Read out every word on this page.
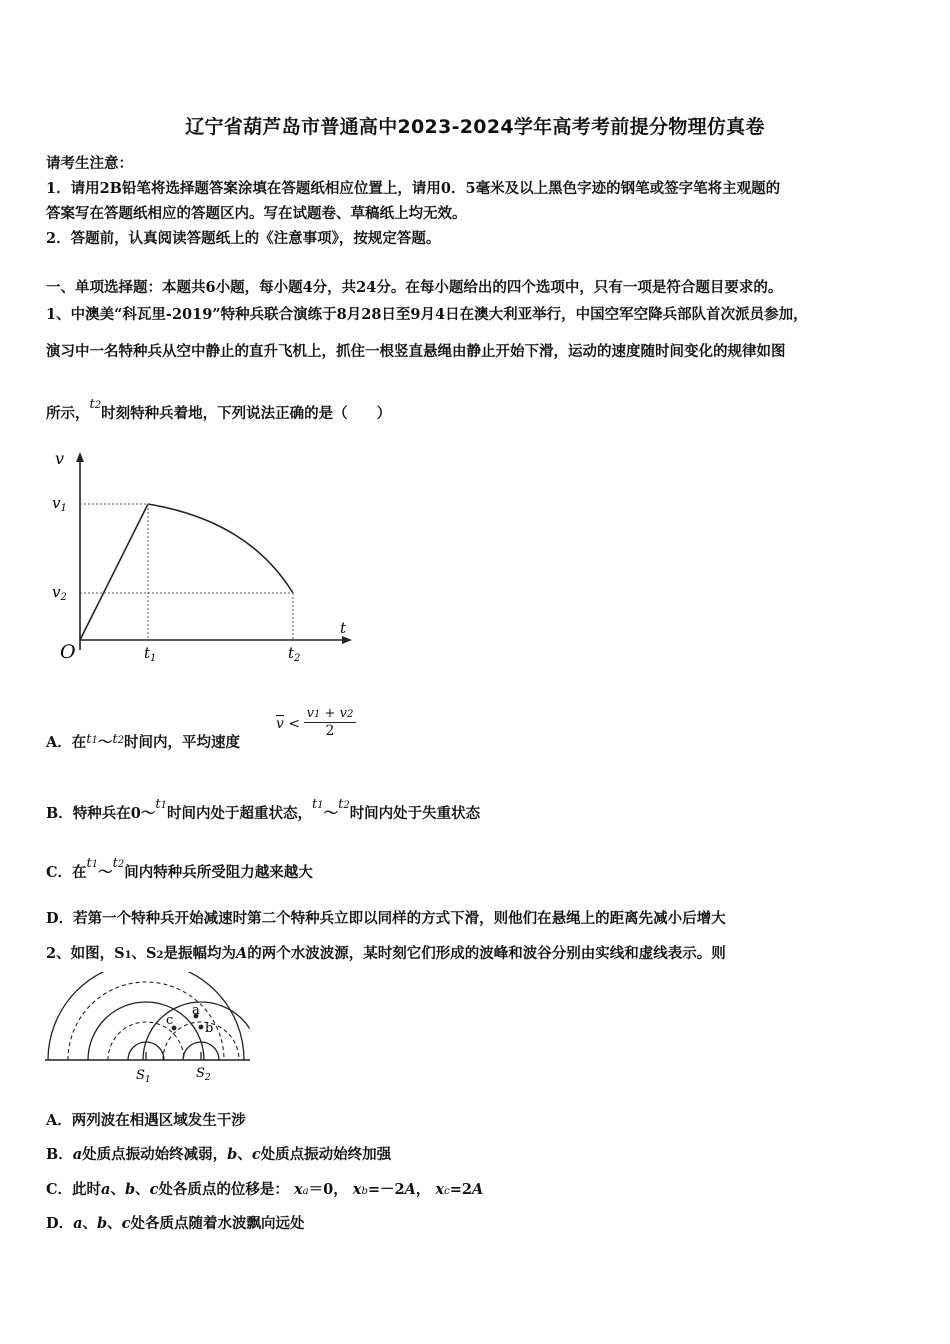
辽宁省葫芦岛市普通高中2023-2024学年高考考前提分物理仿真卷
请考生注意：
1．请用2B铅笔将选择题答案涂填在答题纸相应位置上，请用0．5毫米及以上黑色字迹的钢笔或签字笔将主观题的
答案写在答题纸相应的答题区内。写在试题卷、草稿纸上均无效。
2．答题前，认真阅读答题纸上的《注意事项》，按规定答题。
一、单项选择题：本题共6小题，每小题4分，共24分。在每小题给出的四个选项中，只有一项是符合题目要求的。
1、中澳美“科瓦里-2019”特种兵联合演练于8月28日至9月4日在澳大利亚举行，中国空军空降兵部队首次派员参加，
演习中一名特种兵从空中静止的直升飞机上，抓住一根竖直悬绳由静止开始下滑，运动的速度随时间变化的规律如图
所示，t2时刻特种兵着地，下列说法正确的是（　　）
v
$v_1$
$v_2$
O	$t_1$	$t_2$
t
A．在t1～t2时间内，平均速度
$\overline{v}$ <
v1 + v2
2
B．特种兵在0～t1时间内处于超重状态，t1～t2时间内处于失重状态
C．在t1～t2间内特种兵所受阻力越来越大
D．若第一个特种兵开始减速时第二个特种兵立即以同样的方式下滑，则他们在悬绳上的距离先减小后增大
2、如图，S1、S2是振幅均为A的两个水波波源，某时刻它们形成的波峰和波谷分别由实线和虚线表示。则
a
b
c
$S_1$	$S_2$
A．两列波在相遇区域发生干涉
B．a处质点振动始终减弱，b、c处质点振动始终加强
C．此时a、b、c处各质点的位移是： xa＝0， xb=－2A， xc=2A
D．a、b、c处各质点随着水波飘向远处
